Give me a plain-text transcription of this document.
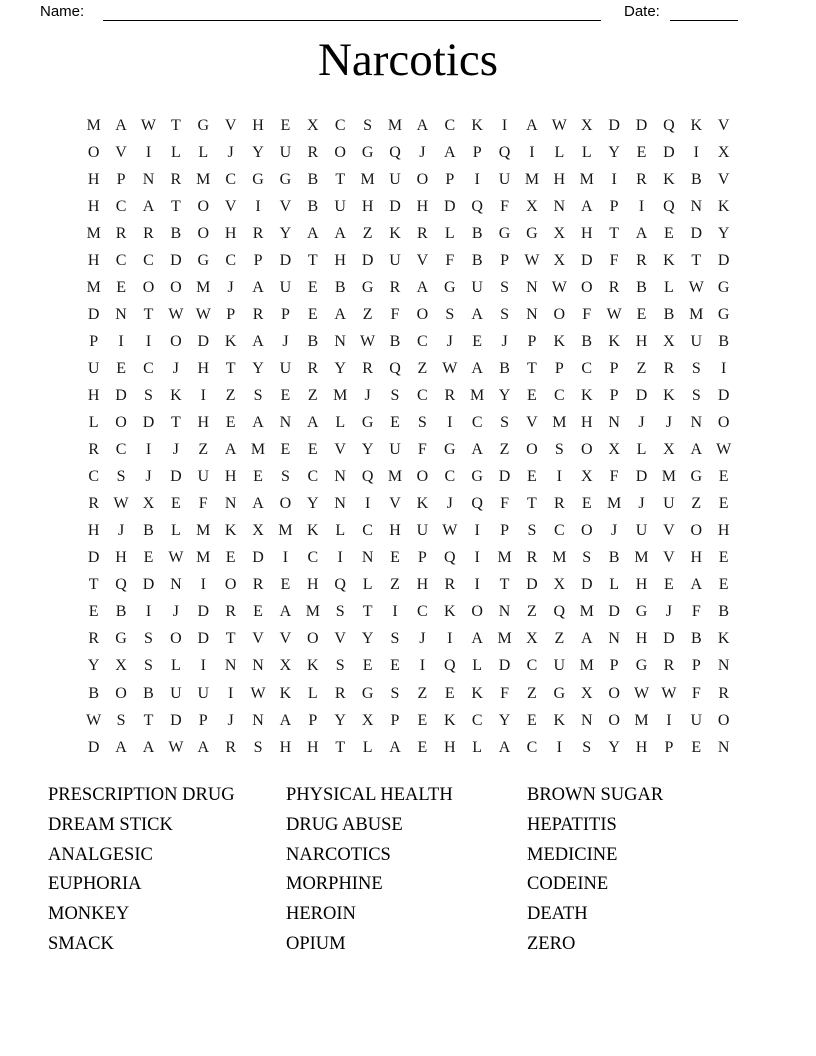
Name:	Date:
Narcotics
M A W T	G V H	E	X	C	S M A	C	K	I	A W X D D Q K V
O V	I	L	L	J	Y U	R	O G Q	J	A	P	Q	I	L	L	Y	E	D	I	X
H	P	N	R M C	G G	B	T M U O	P	I	U M H M	I	R	K	B	V
H	C	A	T	O V	I	V	B	U H D H D Q	F	X N A	P	I	Q N K
M R	R	B	O H	R	Y A A	Z	K	R	L	B	G G X H	T	A	E	D Y
H	C	C	D G	C	P	D	T	H D U V	F	B	P W X D	F	R	K	T	D
M E	O O M	J	A U	E	B	G	R	A G U	S	N W O	R	B	L W G
D N	T W W P	R	P	E	A	Z	F	O	S	A	S	N O	F W E	B M G
P	I	I	O D K A	J	B	N W B	C	J	E	J	P	K	B	K H X U	B
U	E	C	J	H	T	Y U	R	Y	R	Q	Z W A	B	T	P	C	P	Z	R	S	I
H D	S	K	I	Z	S	E	Z M	J	S	C	R M Y	E	C	K	P	D K	S	D
L	O D	T	H	E	A N A	L	G	E	S	I	C	S	V M H N	J	J	N O
R	C	I	J	Z	A M E	E	V Y U	F	G A	Z	O	S	O X	L	X A W
C	S	J	D U H	E	S	C	N Q M O	C	G D	E	I	X	F	D M G	E
R W X	E	F	N A O Y N	I	V K	J	Q	F	T	R	E M	J	U	Z	E
H	J	B	L M K X M K	L	C	H U W	I	P	S	C	O	J	U V O H
D H	E W M E	D	I	C	I	N	E	P	Q	I	M R M S	B M V H	E
T	Q D N	I	O	R	E	H Q	L	Z	H	R	I	T	D X D	L	H	E	A	E
E	B	I	J	D	R	E	A M S	T	I	C	K O N	Z	Q M D G	J	F	B
R	G	S	O D	T	V V O V Y	S	J	I	A M X	Z	A N H D	B	K
Y X	S	L	I	N N X K	S	E	E	I	Q	L	D	C	U M P	G	R	P	N
B	O	B	U U	I	W K	L	R	G	S	Z	E	K	F	Z	G X O W W F	R
W S	T	D	P	J	N A	P	Y X	P	E	K	C	Y	E	K N O M	I	U O
D A A W A	R	S	H H	T	L	A	E	H	L	A	C	I	S	Y H	P	E	N
PRESCRIPTION DRUG
DREAM STICK
ANALGESIC
EUPHORIA
MONKEY
SMACK
PHYSICAL HEALTH
DRUG ABUSE
NARCOTICS
MORPHINE
HEROIN
OPIUM
BROWN SUGAR
HEPATITIS
MEDICINE
CODEINE
DEATH
ZERO
